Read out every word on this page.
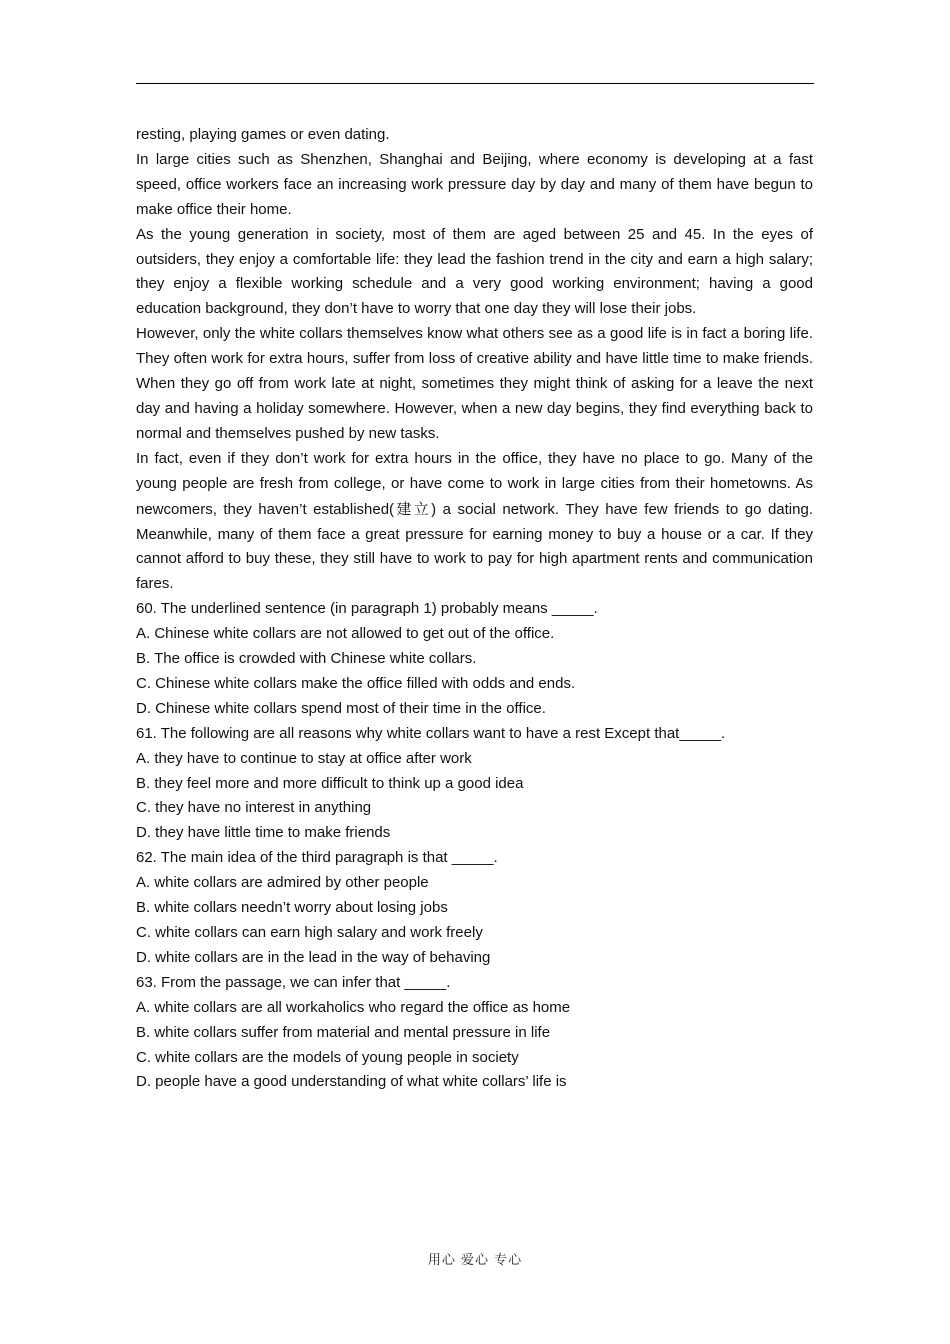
resting, playing games or even dating.

In large cities such as Shenzhen, Shanghai and Beijing, where economy is developing at a fast speed, office workers face an increasing work pressure day by day and many of them have begun to make office their home.

As the young generation in society, most of them are aged between 25 and 45. In the eyes of outsiders, they enjoy a comfortable life: they lead the fashion trend in the city and earn a high salary; they enjoy a flexible working schedule and a very good working environment; having a good education background, they don’t have to worry that one day they will lose their jobs.

However, only the white collars themselves know what others see as a good life is in fact a boring life. They often work for extra hours, suffer from loss of creative ability and have little time to make friends. When they go off from work late at night, sometimes they might think of asking for a leave the next day and having a holiday somewhere. However, when a new day begins, they find everything back to normal and themselves pushed by new tasks.

In fact, even if they don’t work for extra hours in the office, they have no place to go. Many of the young people are fresh from college, or have come to work in large cities from their hometowns. As newcomers, they haven’t established(建立) a social network. They have few friends to go dating. Meanwhile, many of them face a great pressure for earning money to buy a house or a car. If they cannot afford to buy these, they still have to work to pay for high apartment rents and communication fares.

60. The underlined sentence (in paragraph 1) probably means _____.

A. Chinese white collars are not allowed to get out of the office.

B. The office is crowded with Chinese white collars.

C. Chinese white collars make the office filled with odds and ends.

D. Chinese white collars spend most of their time in the office.

61. The following are all reasons why white collars want to have a rest Except that_____.

A. they have to continue to stay at office after work

B. they feel more and more difficult to think up a good idea

C. they have no interest in anything

D. they have little time to make friends

62. The main idea of the third paragraph is that _____.

A. white collars are admired by other people

B. white collars needn’t worry about losing jobs

C. white collars can earn high salary and work freely

D. white collars are in the lead in the way of behaving

63. From the passage, we can infer that _____.

A. white collars are all workaholics who regard the office as home

B. white collars suffer from material and mental pressure in life

C. white collars are the models of young people in society

D. people have a good understanding of what white collars’ life is

用心 爱心 专心
